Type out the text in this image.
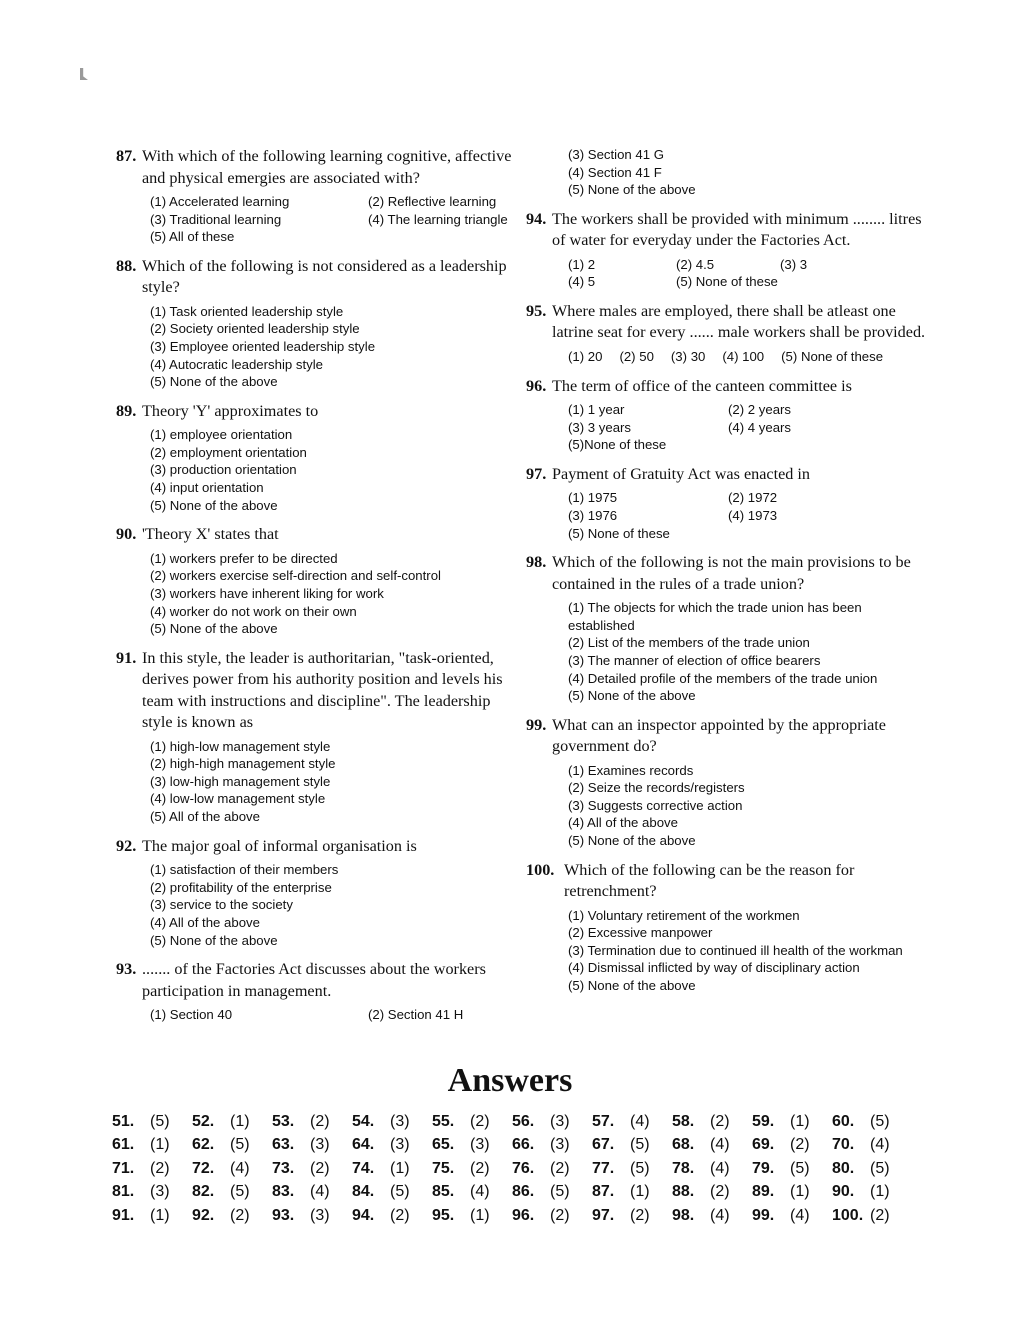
87. With which of the following learning cognitive, affective and physical emergies are associated with?
(1) Accelerated learning	(2) Reflective learning
(3) Traditional learning	(4) The learning triangle
(5) All of these
88. Which of the following is not considered as a leadership style?
(1) Task oriented leadership style
(2) Society oriented leadership style
(3) Employee oriented leadership style
(4) Autocratic leadership style
(5) None of the above
89. Theory 'Y' approximates to
(1) employee orientation
(2) employment orientation
(3) production orientation
(4) input orientation
(5) None of the above
90. 'Theory X' states that
(1) workers prefer to be directed
(2) workers exercise self-direction and self-control
(3) workers have inherent liking for work
(4) worker do not work on their own
(5) None of the above
91. In this style, the leader is authoritarian, "task-oriented, derives power from his authority position and levels his team with instructions and discipline". The leadership style is known as
(1) high-low management style
(2) high-high management style
(3) low-high management style
(4) low-low management style
(5) All of the above
92. The major goal of informal organisation is
(1) satisfaction of their members
(2) profitability of the enterprise
(3) service to the society
(4) All of the above
(5) None of the above
93. ....... of the Factories Act discusses about the workers participation in management.
(1) Section 40	(2) Section 41 H
(3) Section 41 G
(4) Section 41 F
(5) None of the above
94. The workers shall be provided with minimum ........ litres of water for everyday under the Factories Act.
(1) 2	(2) 4.5	(3) 3
(4) 5	(5) None of these
95. Where males are employed, there shall be atleast one latrine seat for every ...... male workers shall be provided.
(1) 20 (2) 50 (3) 30 (4) 100 (5) None of these
96. The term of office of the canteen committee is
(1) 1 year	(2) 2 years
(3) 3 years	(4) 4 years
(5)None of these
97. Payment of Gratuity Act was enacted in
(1) 1975	(2) 1972
(3) 1976	(4) 1973
(5) None of these
98. Which of the following is not the main provisions to be contained in the rules of a trade union?
(1) The objects for which the trade union has been established
(2) List of the members of the trade union
(3) The manner of election of office bearers
(4) Detailed profile of the members of the trade union
(5) None of the above
99. What can an inspector appointed by the appropriate government do?
(1) Examines records
(2) Seize the records/registers
(3) Suggests corrective action
(4) All of the above
(5) None of the above
100. Which of the following can be the reason for retrenchment?
(1) Voluntary retirement of the workmen
(2) Excessive manpower
(3) Termination due to continued ill health of the workman
(4) Dismissal inflicted by way of disciplinary action
(5) None of the above
Answers
51. (5) 52. (1) 53. (2) 54. (3) 55. (2) 56. (3) 57. (4) 58. (2) 59. (1) 60. (5)
61. (1) 62. (5) 63. (3) 64. (3) 65. (3) 66. (3) 67. (5) 68. (4) 69. (2) 70. (4)
71. (2) 72. (4) 73. (2) 74. (1) 75. (2) 76. (2) 77. (5) 78. (4) 79. (5) 80. (5)
81. (3) 82. (5) 83. (4) 84. (5) 85. (4) 86. (5) 87. (1) 88. (2) 89. (1) 90. (1)
91. (1) 92. (2) 93. (3) 94. (2) 95. (1) 96. (2) 97. (2) 98. (4) 99. (4) 100. (2)
